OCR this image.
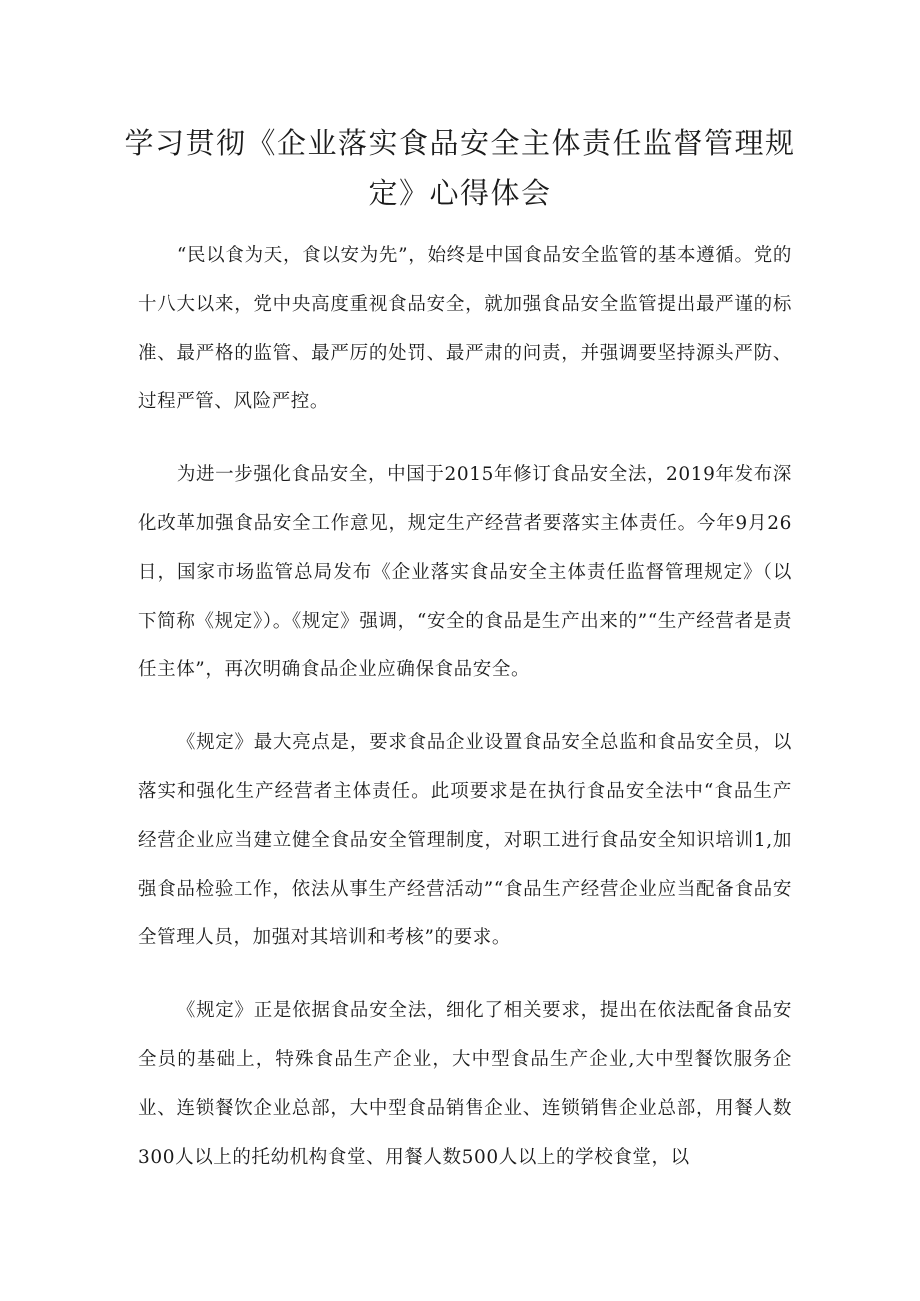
学习贯彻《企业落实食品安全主体责任监督管理规定》心得体会

“民以食为天，食以安为先”，始终是中国食品安全监管的基本遵循。党的十八大以来，党中央高度重视食品安全，就加强食品安全监管提出最严谨的标准、最严格的监管、最严厉的处罚、最严肃的问责，并强调要坚持源头严防、过程严管、风险严控。

为进一步强化食品安全，中国于2015年修订食品安全法，2019年发布深化改革加强食品安全工作意见，规定生产经营者要落实主体责任。今年9月26日，国家市场监管总局发布《企业落实食品安全主体责任监督管理规定》（以下简称《规定》）。《规定》强调，“安全的食品是生产出来的”“生产经营者是责任主体”，再次明确食品企业应确保食品安全。

《规定》最大亮点是，要求食品企业设置食品安全总监和食品安全员，以落实和强化生产经营者主体责任。此项要求是在执行食品安全法中“食品生产经营企业应当建立健全食品安全管理制度，对职工进行食品安全知识培训1,加强食品检验工作，依法从事生产经营活动”“食品生产经营企业应当配备食品安全管理人员，加强对其培训和考核”的要求。

《规定》正是依据食品安全法，细化了相关要求，提出在依法配备食品安全员的基础上，特殊食品生产企业，大中型食品生产企业,大中型餐饮服务企业、连锁餐饮企业总部，大中型食品销售企业、连锁销售企业总部，用餐人数300人以上的托幼机构食堂、用餐人数500人以上的学校食堂，以
